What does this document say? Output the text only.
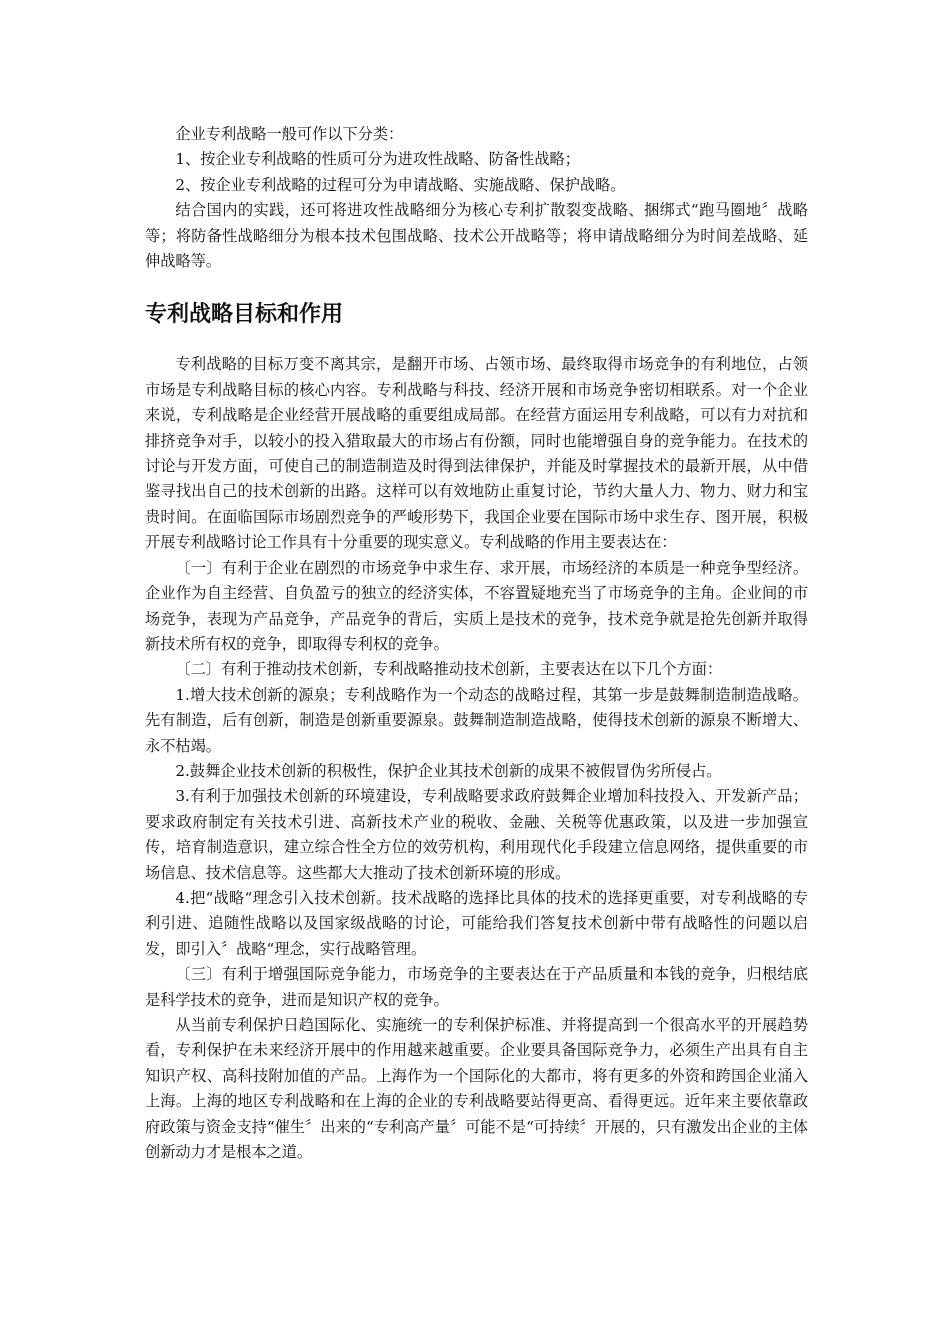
企业专利战略一般可作以下分类：

1、按企业专利战略的性质可分为进攻性战略、防备性战略；

2、按企业专利战略的过程可分为申请战略、实施战略、保护战略。

结合国内的实践，还可将进攻性战略细分为核心专利扩散裂变战略、捆绑式“跑马圈地〞战略等；将防备性战略细分为根本技术包围战略、技术公开战略等；将申请战略细分为时间差战略、延伸战略等。

专利战略目标和作用

专利战略的目标万变不离其宗，是翻开市场、占领市场、最终取得市场竞争的有利地位，占领市场是专利战略目标的核心内容。专利战略与科技、经济开展和市场竞争密切相联系。对一个企业来说，专利战略是企业经营开展战略的重要组成局部。在经营方面运用专利战略，可以有力对抗和排挤竞争对手，以较小的投入猎取最大的市场占有份额，同时也能增强自身的竞争能力。在技术的讨论与开发方面，可使自己的制造制造及时得到法律保护，并能及时掌握技术的最新开展，从中借鉴寻找出自己的技术创新的出路。这样可以有效地防止重复讨论，节约大量人力、物力、财力和宝贵时间。在面临国际市场剧烈竞争的严峻形势下，我国企业要在国际市场中求生存、图开展，积极开展专利战略讨论工作具有十分重要的现实意义。专利战略的作用主要表达在：

〔一〕有利于企业在剧烈的市场竞争中求生存、求开展，市场经济的本质是一种竞争型经济。企业作为自主经营、自负盈亏的独立的经济实体，不容置疑地充当了市场竞争的主角。企业间的市场竞争，表现为产品竞争，产品竞争的背后，实质上是技术的竞争，技术竞争就是抢先创新并取得新技术所有权的竞争，即取得专利权的竞争。

〔二〕有利于推动技术创新，专利战略推动技术创新，主要表达在以下几个方面：

1.增大技术创新的源泉；专利战略作为一个动态的战略过程，其第一步是鼓舞制造制造战略。先有制造，后有创新，制造是创新重要源泉。鼓舞制造制造战略，使得技术创新的源泉不断增大、永不枯竭。

2.鼓舞企业技术创新的积极性，保护企业其技术创新的成果不被假冒伪劣所侵占。

3.有利于加强技术创新的环境建设，专利战略要求政府鼓舞企业增加科技投入、开发新产品；要求政府制定有关技术引进、高新技术产业的税收、金融、关税等优惠政策，以及进一步加强宣传，培育制造意识，建立综合性全方位的效劳机构，利用现代化手段建立信息网络，提供重要的市场信息、技术信息等。这些都大大推动了技术创新环境的形成。

4.把“战略“理念引入技术创新。技术战略的选择比具体的技术的选择更重要，对专利战略的专利引进、追随性战略以及国家级战略的讨论，可能给我们答复技术创新中带有战略性的问题以启发，即引入〞战略“理念，实行战略管理。

〔三〕有利于增强国际竞争能力，市场竞争的主要表达在于产品质量和本钱的竞争，归根结底是科学技术的竞争，进而是知识产权的竞争。

从当前专利保护日趋国际化、实施统一的专利保护标准、并将提高到一个很高水平的开展趋势看，专利保护在未来经济开展中的作用越来越重要。企业要具备国际竞争力，必须生产出具有自主知识产权、高科技附加值的产品。上海作为一个国际化的大都市，将有更多的外资和跨国企业涌入上海。上海的地区专利战略和在上海的企业的专利战略要站得更高、看得更远。近年来主要依靠政府政策与资金支持“催生〞出来的“专利高产量〞可能不是“可持续〞开展的，只有激发出企业的主体创新动力才是根本之道。
